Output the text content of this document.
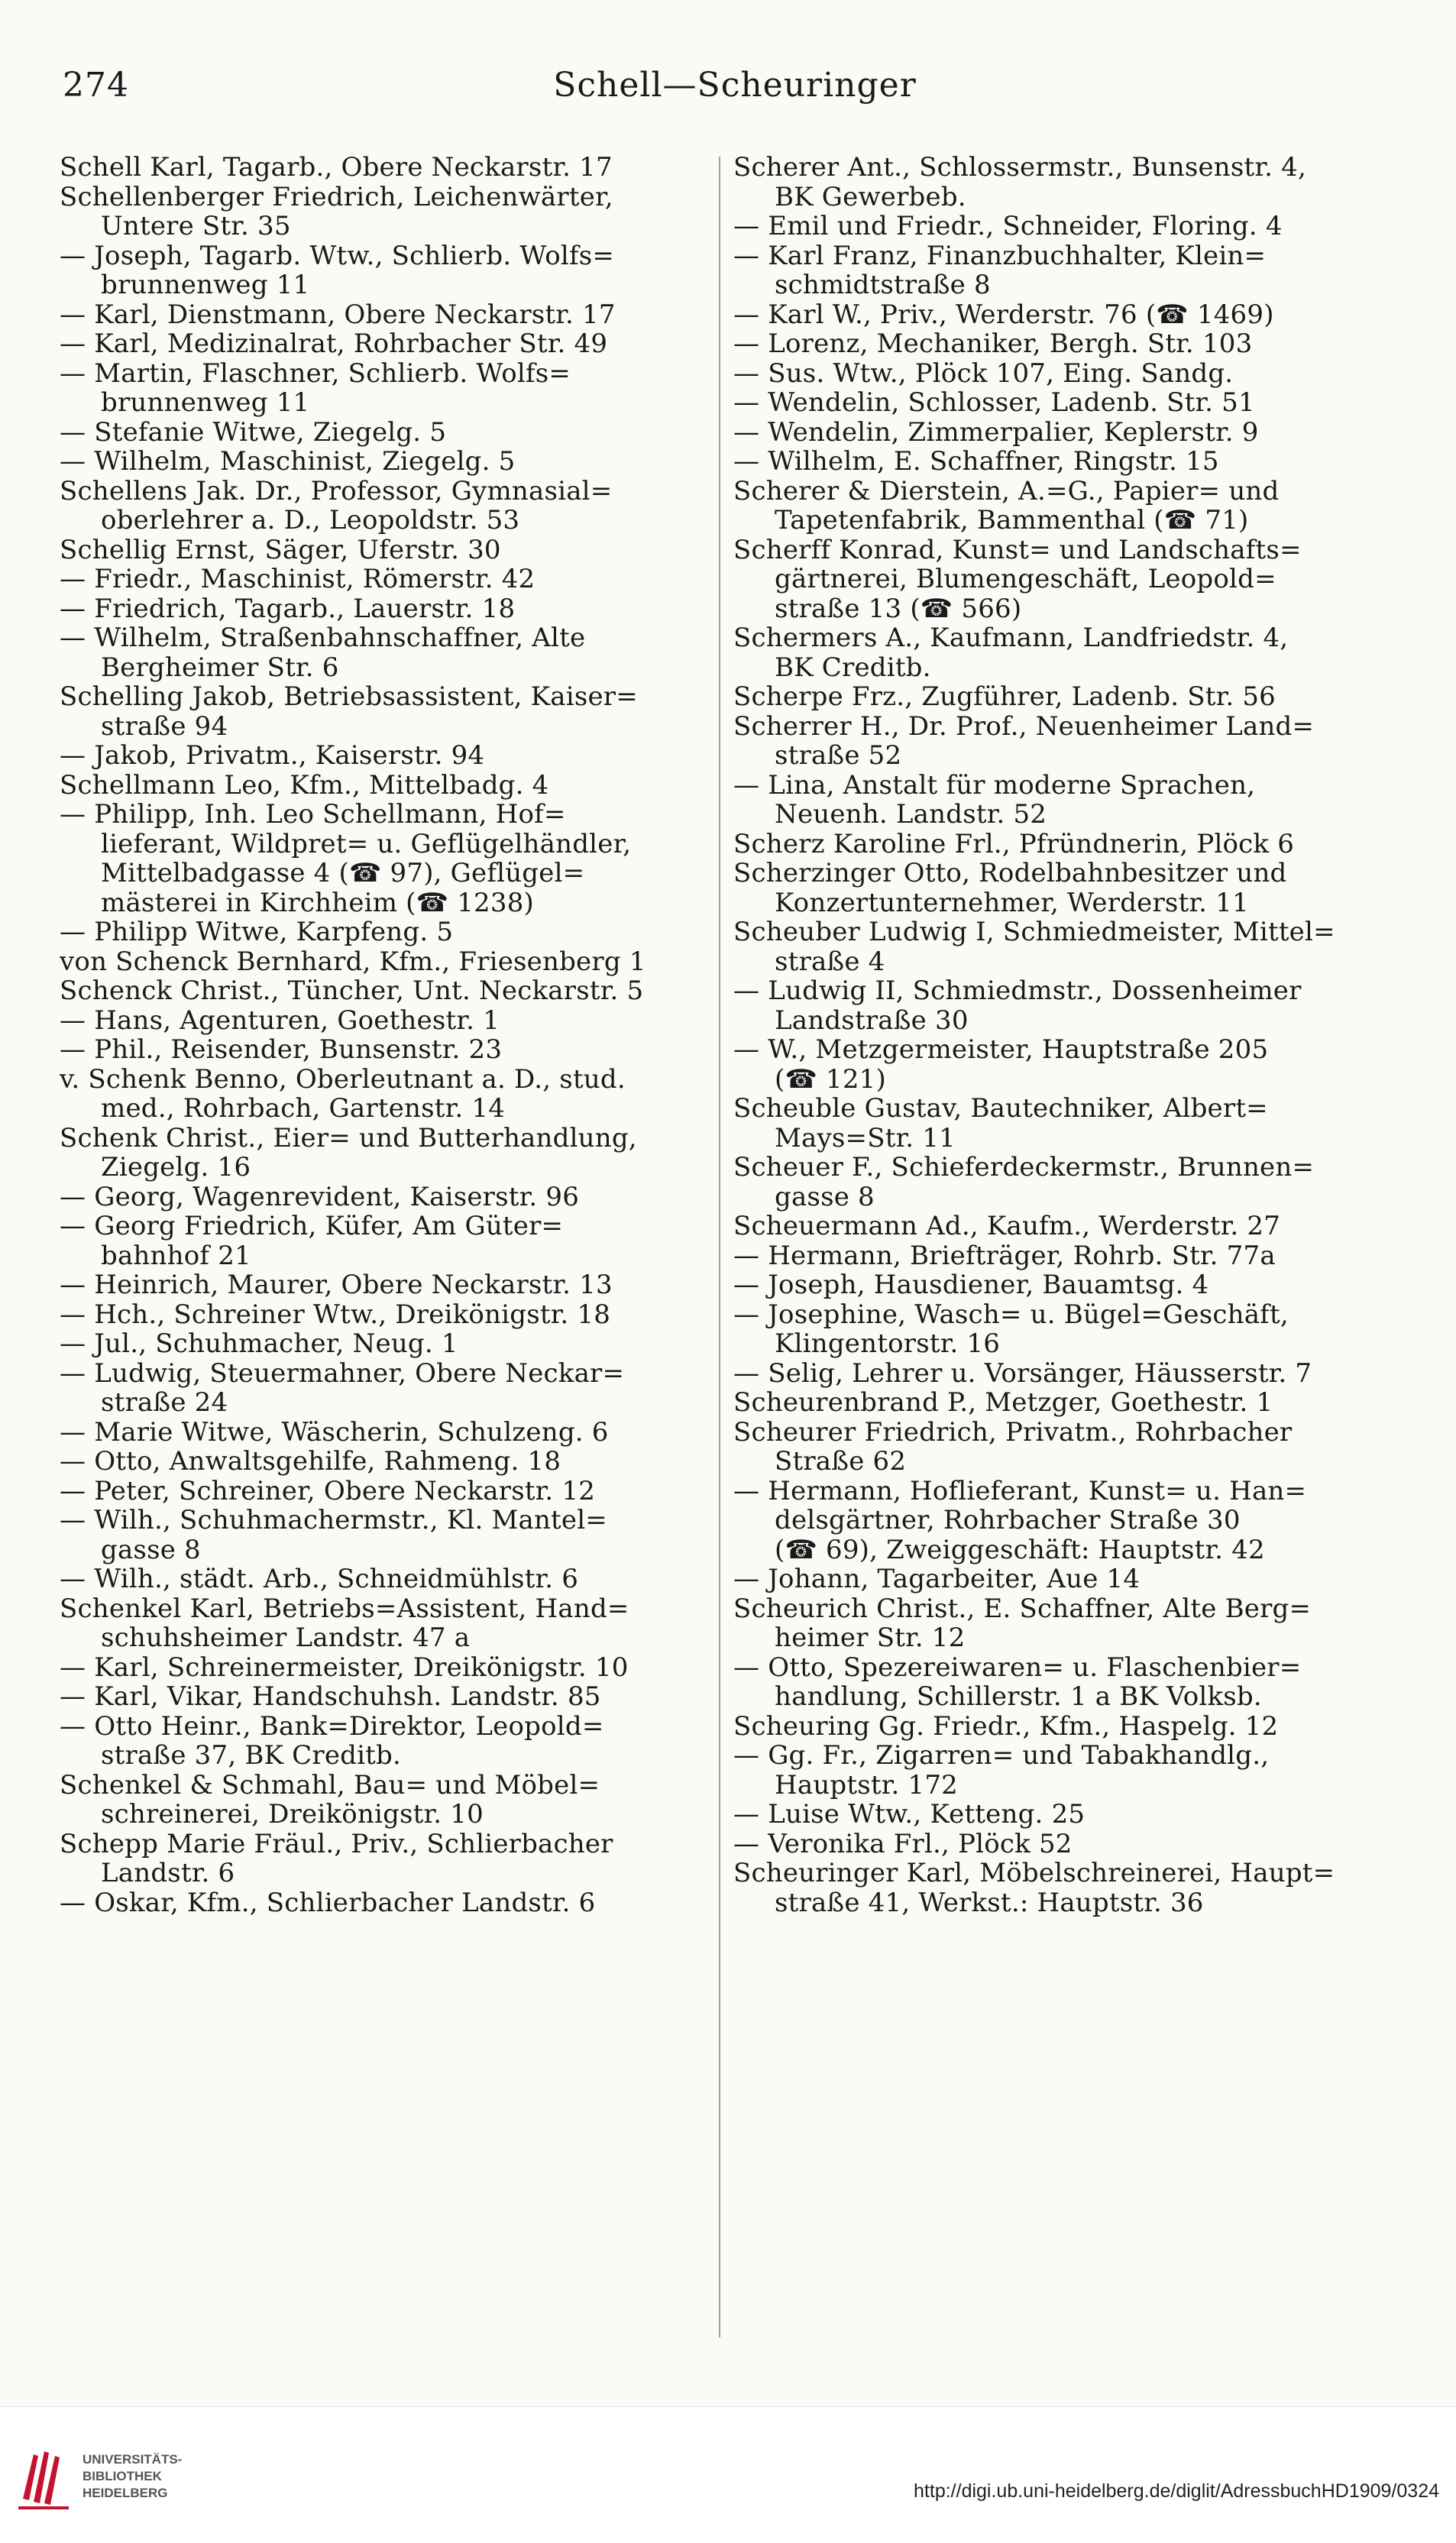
274	Schell—Scheuringer
Schell Karl, Tagarb., Obere Neckarstr. 17
Schellenberger Friedrich, Leichenwärter,
Untere Str. 35
— Joseph, Tagarb. Wtw., Schlierb. Wolfs=
brunnenweg 11
— Karl, Dienstmann, Obere Neckarstr. 17
— Karl, Medizinalrat, Rohrbacher Str. 49
— Martin, Flaschner, Schlierb. Wolfs=
brunnenweg 11
— Stefanie Witwe, Ziegelg. 5
— Wilhelm, Maschinist, Ziegelg. 5
Schellens Jak. Dr., Professor, Gymnasial=
oberlehrer a. D., Leopoldstr. 53
Schellig Ernst, Säger, Uferstr. 30
— Friedr., Maschinist, Römerstr. 42
— Friedrich, Tagarb., Lauerstr. 18
— Wilhelm, Straßenbahnschaffner, Alte
Bergheimer Str. 6
Schelling Jakob, Betriebsassistent, Kaiser=
straße 94
— Jakob, Privatm., Kaiserstr. 94
Schellmann Leo, Kfm., Mittelbadg. 4
— Philipp, Inh. Leo Schellmann, Hof=
lieferant, Wildpret= u. Geflügelhändler,
Mittelbadgasse 4 (☎ 97), Geflügel=
mästerei in Kirchheim (☎ 1238)
— Philipp Witwe, Karpfeng. 5
von Schenck Bernhard, Kfm., Friesenberg 1
Schenck Christ., Tüncher, Unt. Neckarstr. 5
— Hans, Agenturen, Goethestr. 1
— Phil., Reisender, Bunsenstr. 23
v. Schenk Benno, Oberleutnant a. D., stud.
med., Rohrbach, Gartenstr. 14
Schenk Christ., Eier= und Butterhandlung,
Ziegelg. 16
— Georg, Wagenrevident, Kaiserstr. 96
— Georg Friedrich, Küfer, Am Güter=
bahnhof 21
— Heinrich, Maurer, Obere Neckarstr. 13
— Hch., Schreiner Wtw., Dreikönigstr. 18
— Jul., Schuhmacher, Neug. 1
— Ludwig, Steuermahner, Obere Neckar=
straße 24
— Marie Witwe, Wäscherin, Schulzeng. 6
— Otto, Anwaltsgehilfe, Rahmeng. 18
— Peter, Schreiner, Obere Neckarstr. 12
— Wilh., Schuhmachermstr., Kl. Mantel=
gasse 8
— Wilh., städt. Arb., Schneidmühlstr. 6
Schenkel Karl, Betriebs=Assistent, Hand=
schuhsheimer Landstr. 47 a
— Karl, Schreinermeister, Dreikönigstr. 10
— Karl, Vikar, Handschuhsh. Landstr. 85
— Otto Heinr., Bank=Direktor, Leopold=
straße 37, BK Creditb.
Schenkel & Schmahl, Bau= und Möbel=
schreinerei, Dreikönigstr. 10
Schepp Marie Fräul., Priv., Schlierbacher
Landstr. 6
— Oskar, Kfm., Schlierbacher Landstr. 6
Scherer Ant., Schlossermstr., Bunsenstr. 4,
BK Gewerbeb.
— Emil und Friedr., Schneider, Floring. 4
— Karl Franz, Finanzbuchhalter, Klein=
schmidtstraße 8
— Karl W., Priv., Werderstr. 76 (☎ 1469)
— Lorenz, Mechaniker, Bergh. Str. 103
— Sus. Wtw., Plöck 107, Eing. Sandg.
— Wendelin, Schlosser, Ladenb. Str. 51
— Wendelin, Zimmerpalier, Keplerstr. 9
— Wilhelm, E. Schaffner, Ringstr. 15
Scherer & Dierstein, A.=G., Papier= und
Tapetenfabrik, Bammenthal (☎ 71)
Scherff Konrad, Kunst= und Landschafts=
gärtnerei, Blumengeschäft, Leopold=
straße 13 (☎ 566)
Schermers A., Kaufmann, Landfriedstr. 4,
BK Creditb.
Scherpe Frz., Zugführer, Ladenb. Str. 56
Scherrer H., Dr. Prof., Neuenheimer Land=
straße 52
— Lina, Anstalt für moderne Sprachen,
Neuenh. Landstr. 52
Scherz Karoline Frl., Pfründnerin, Plöck 6
Scherzinger Otto, Rodelbahnbesitzer und
Konzertunternehmer, Werderstr. 11
Scheuber Ludwig I, Schmiedmeister, Mittel=
straße 4
— Ludwig II, Schmiedmstr., Dossenheimer
Landstraße 30
— W., Metzgermeister, Hauptstraße 205
(☎ 121)
Scheuble Gustav, Bautechniker, Albert=
Mays=Str. 11
Scheuer F., Schieferdeckermstr., Brunnen=
gasse 8
Scheuermann Ad., Kaufm., Werderstr. 27
— Hermann, Briefträger, Rohrb. Str. 77a
— Joseph, Hausdiener, Bauamtsg. 4
— Josephine, Wasch= u. Bügel=Geschäft,
Klingentorstr. 16
— Selig, Lehrer u. Vorsänger, Häusserstr. 7
Scheurenbrand P., Metzger, Goethestr. 1
Scheurer Friedrich, Privatm., Rohrbacher
Straße 62
— Hermann, Hoflieferant, Kunst= u. Han=
delsgärtner, Rohrbacher Straße 30
(☎ 69), Zweiggeschäft: Hauptstr. 42
— Johann, Tagarbeiter, Aue 14
Scheurich Christ., E. Schaffner, Alte Berg=
heimer Str. 12
— Otto, Spezereiwaren= u. Flaschenbier=
handlung, Schillerstr. 1 a BK Volksb.
Scheuring Gg. Friedr., Kfm., Haspelg. 12
— Gg. Fr., Zigarren= und Tabakhandlg.,
Hauptstr. 172
— Luise Wtw., Ketteng. 25
— Veronika Frl., Plöck 52
Scheuringer Karl, Möbelschreinerei, Haupt=
straße 41, Werkst.: Hauptstr. 36
UNIVERSITÄTS-
BIBLIOTHEK
HEIDELBERG	http://digi.ub.uni-heidelberg.de/diglit/AdressbuchHD1909/0324
